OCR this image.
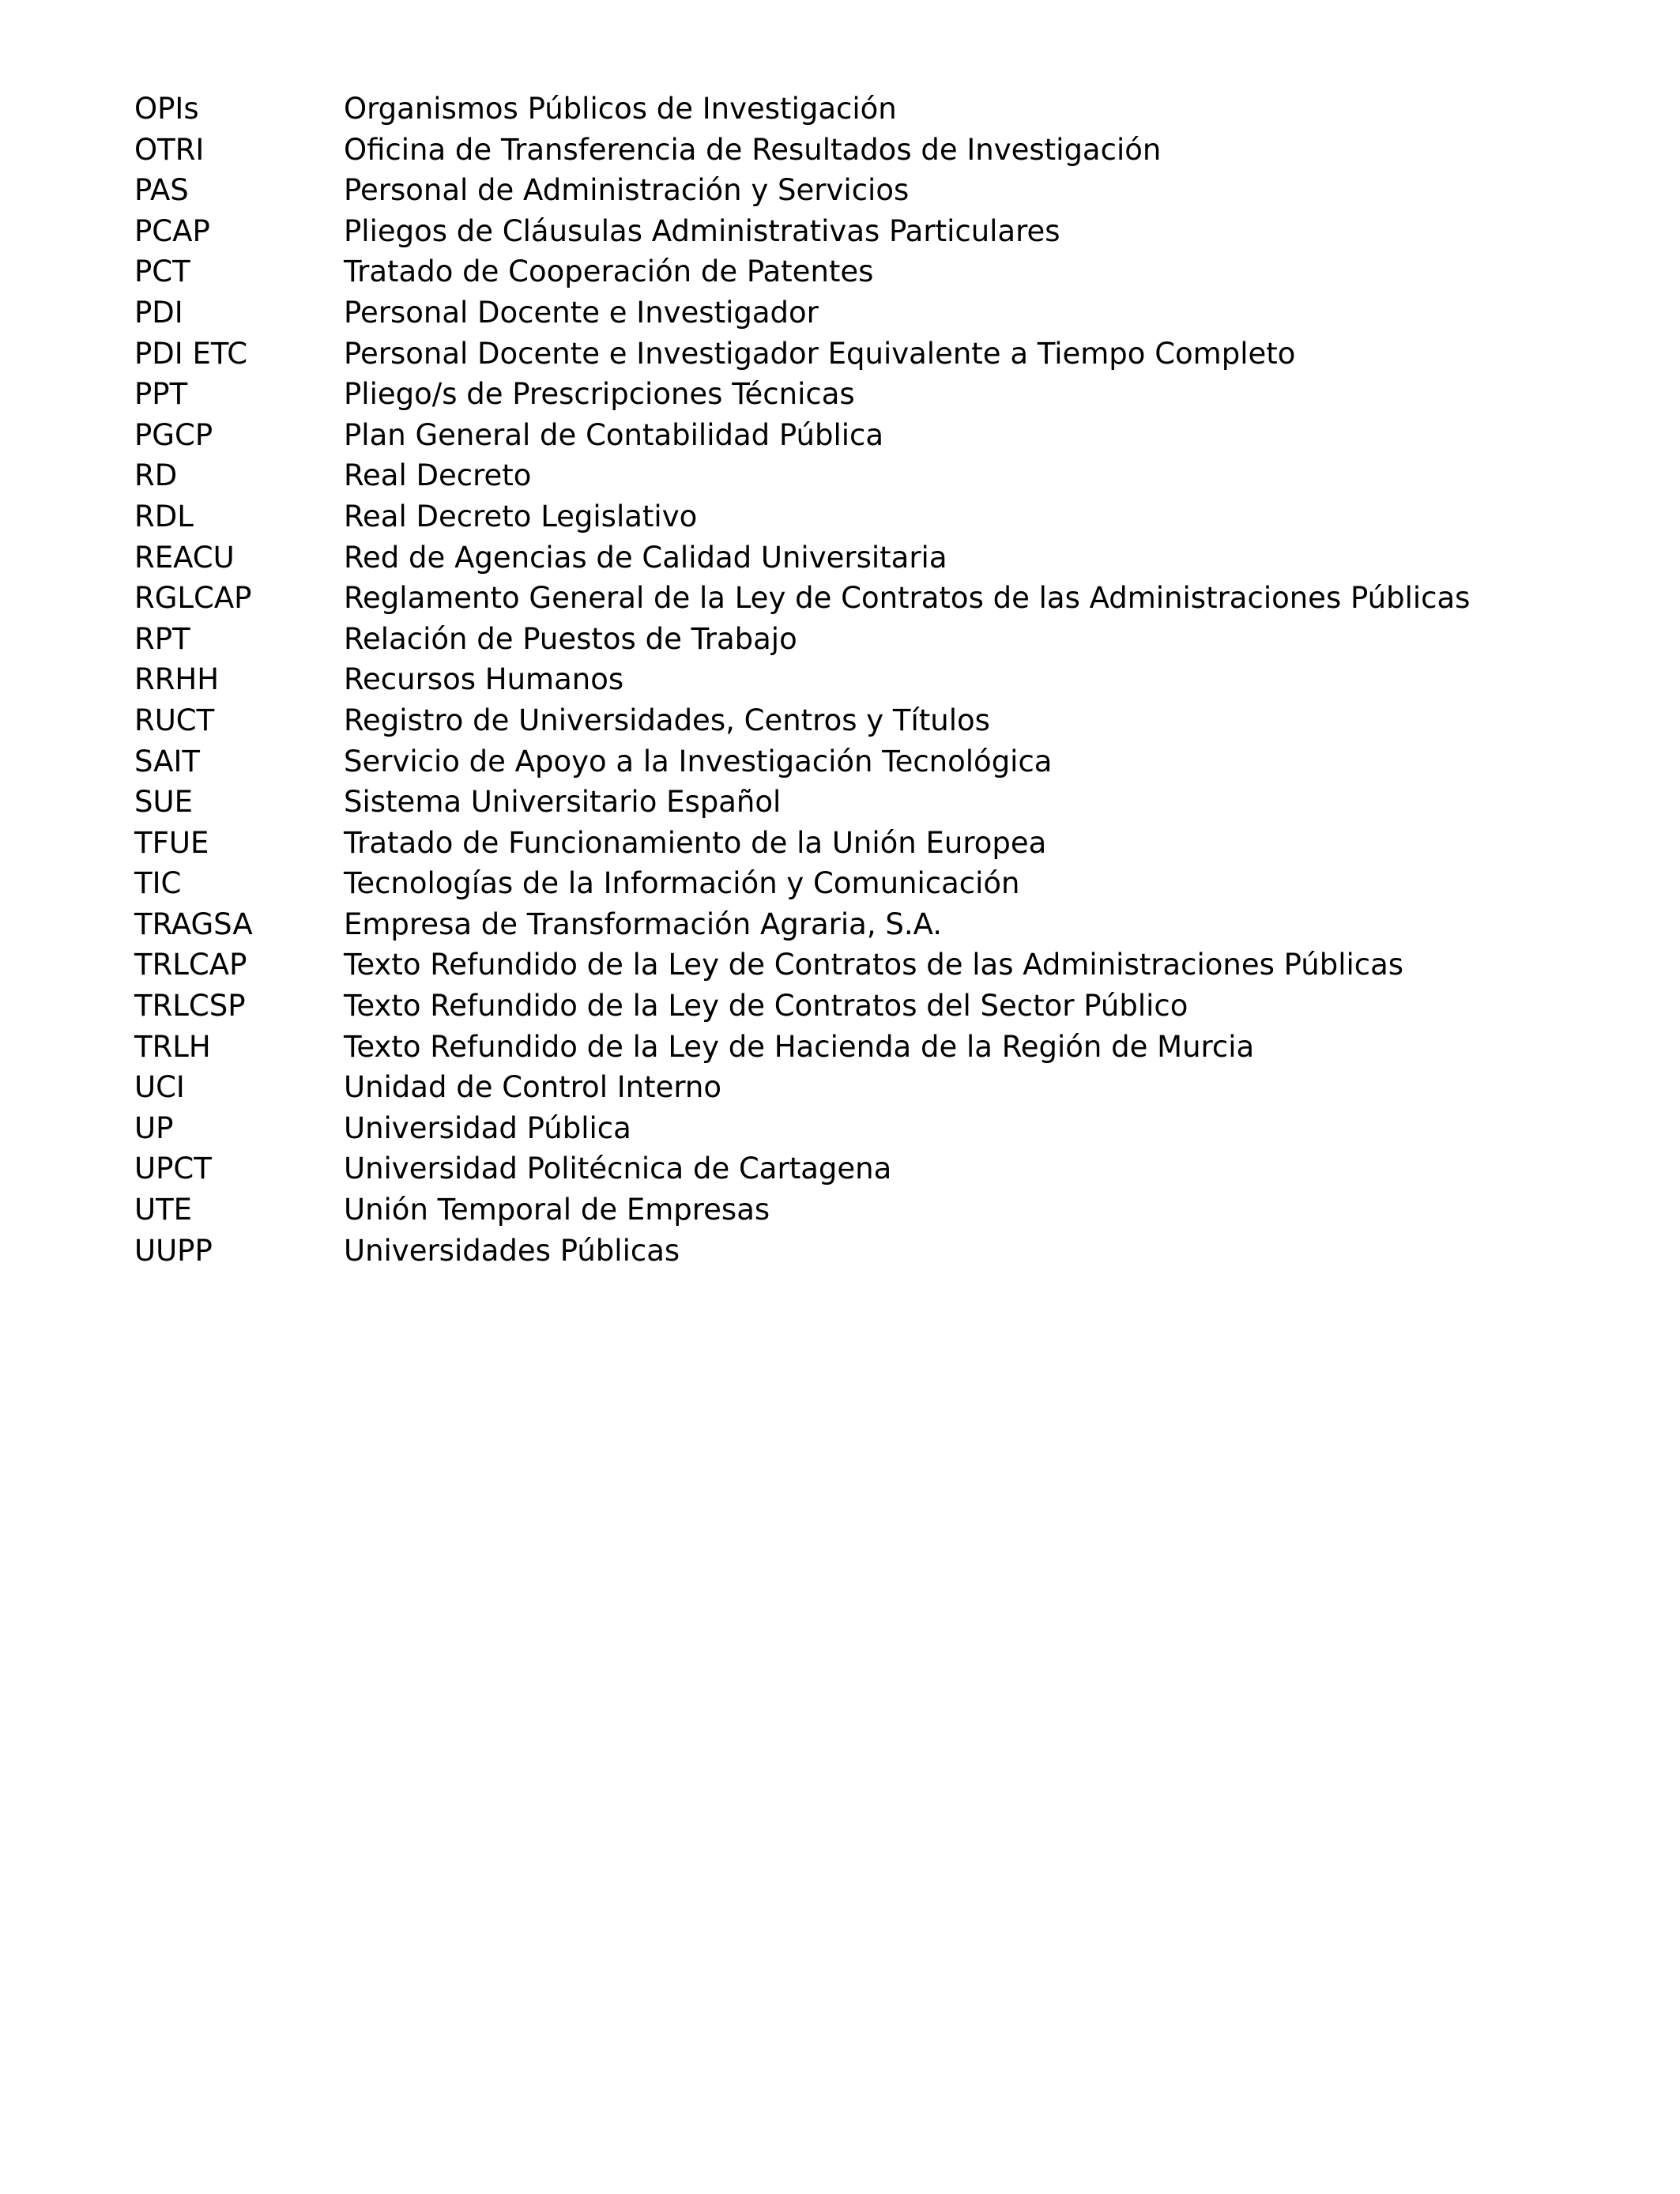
OPIs	Organismos Públicos de Investigación
OTRI	Oficina de Transferencia de Resultados de Investigación
PAS	Personal de Administración y Servicios
PCAP	Pliegos de Cláusulas Administrativas Particulares
PCT	Tratado de Cooperación de Patentes
PDI	Personal Docente e Investigador
PDI ETC	Personal Docente e Investigador Equivalente a Tiempo Completo
PPT	Pliego/s de Prescripciones Técnicas
PGCP	Plan General de Contabilidad Pública
RD	Real Decreto
RDL	Real Decreto Legislativo
REACU	Red de Agencias de Calidad Universitaria
RGLCAP	Reglamento General de la Ley de Contratos de las Administraciones Públicas
RPT	Relación de Puestos de Trabajo
RRHH	Recursos Humanos
RUCT	Registro de Universidades, Centros y Títulos
SAIT	Servicio de Apoyo a la Investigación Tecnológica
SUE	Sistema Universitario Español
TFUE	Tratado de Funcionamiento de la Unión Europea
TIC	Tecnologías de la Información y Comunicación
TRAGSA	Empresa de Transformación Agraria, S.A.
TRLCAP	Texto Refundido de la Ley de Contratos de las Administraciones Públicas
TRLCSP	Texto Refundido de la Ley de Contratos del Sector Público
TRLH	Texto Refundido de la Ley de Hacienda de la Región de Murcia
UCI	Unidad de Control Interno
UP	Universidad Pública
UPCT	Universidad Politécnica de Cartagena
UTE	Unión Temporal de Empresas
UUPP	Universidades Públicas
